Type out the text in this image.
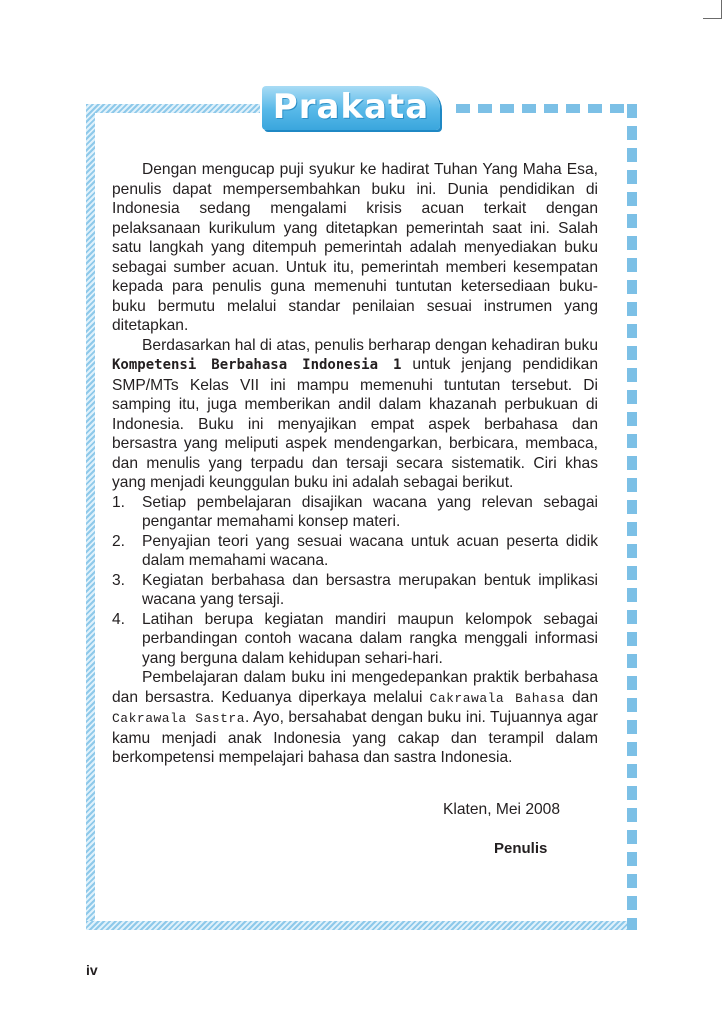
Prakata

Dengan mengucap puji syukur ke hadirat Tuhan Yang Maha Esa, penulis dapat mempersembahkan buku ini. Dunia pendidikan di Indonesia sedang mengalami krisis acuan terkait dengan pelaksanaan kurikulum yang ditetapkan pemerintah saat ini. Salah satu langkah yang ditempuh pemerintah adalah menyediakan buku sebagai sumber acuan. Untuk itu, pemerintah memberi kesempatan kepada para penulis guna memenuhi tuntutan ketersediaan buku-buku bermutu melalui standar penilaian sesuai instrumen yang ditetapkan.

Berdasarkan hal di atas, penulis berharap dengan kehadiran buku Kompetensi Berbahasa Indonesia 1 untuk jenjang pendidikan SMP/MTs Kelas VII ini mampu memenuhi tuntutan tersebut. Di samping itu, juga memberikan andil dalam khazanah perbukuan di Indonesia. Buku ini menyajikan empat aspek berbahasa dan bersastra yang meliputi aspek mendengarkan, berbicara, membaca, dan menulis yang terpadu dan tersaji secara sistematik. Ciri khas yang menjadi keunggulan buku ini adalah sebagai berikut.

1. Setiap pembelajaran disajikan wacana yang relevan sebagai pengantar memahami konsep materi.
2. Penyajian teori yang sesuai wacana untuk acuan peserta didik dalam memahami wacana.
3. Kegiatan berbahasa dan bersastra merupakan bentuk implikasi wacana yang tersaji.
4. Latihan berupa kegiatan mandiri maupun kelompok sebagai perbandingan contoh wacana dalam rangka menggali informasi yang berguna dalam kehidupan sehari-hari.

Pembelajaran dalam buku ini mengedepankan praktik berbahasa dan bersastra. Keduanya diperkaya melalui Cakrawala Bahasa dan Cakrawala Sastra. Ayo, bersahabat dengan buku ini. Tujuannya agar kamu menjadi anak Indonesia yang cakap dan terampil dalam berkompetensi mempelajari bahasa dan sastra Indonesia.

Klaten, Mei 2008
Penulis
iv
